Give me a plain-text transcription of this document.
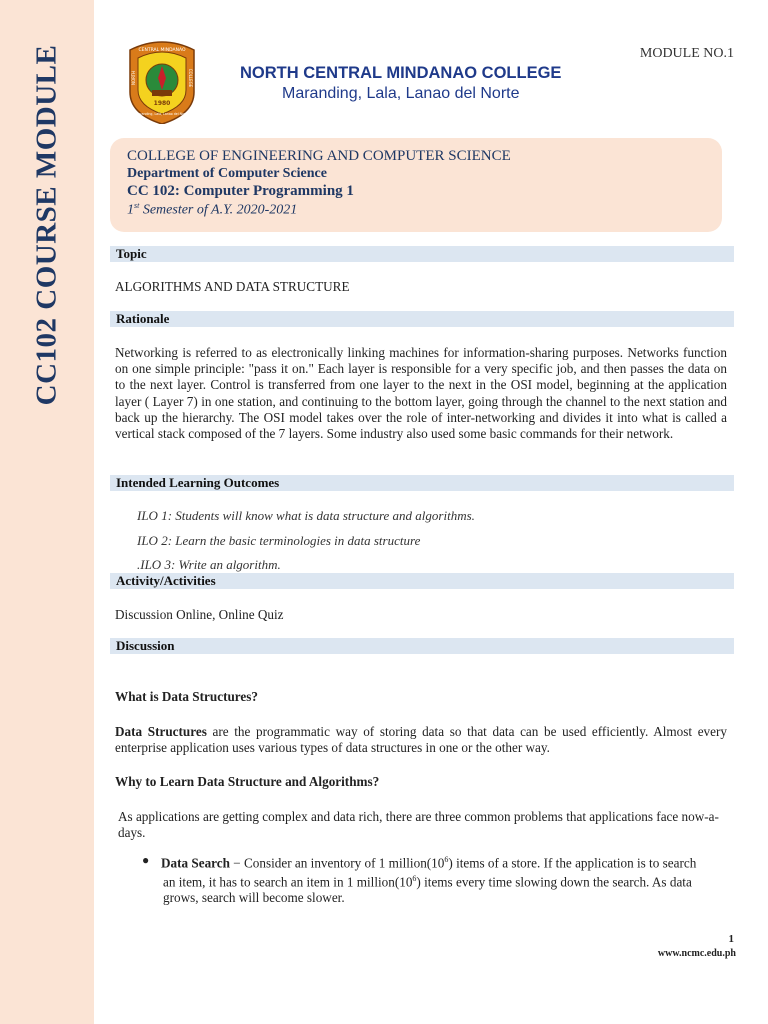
CC102 COURSE MODULE	MODULE NO.1
CENTRAL MINDANAO
NORTH	COLLEGE
1980
Maranding, Lala, Lanao del Norte
NORTH CENTRAL MINDANAO COLLEGE
Maranding, Lala, Lanao del Norte
COLLEGE OF ENGINEERING AND COMPUTER SCIENCE
Department of Computer Science
CC 102: Computer Programming 1
1st Semester of A.Y. 2020-2021
Topic
ALGORITHMS AND DATA STRUCTURE
Rationale
Networking is referred to as electronically linking machines for information-sharing purposes. Networks function on one simple principle: "pass it on." Each layer is responsible for a very specific job, and then passes the data on to the next layer. Control is transferred from one layer to the next in the OSI model, beginning at the application layer ( Layer 7) in one station, and continuing to the bottom layer, going through the channel to the next station and back up the hierarchy. The OSI model takes over the role of inter-networking and divides it into what is called a vertical stack composed of the 7 layers. Some industry also used some basic commands for their network.
Intended Learning Outcomes
ILO 1: Students will know what is data structure and algorithms.
ILO 2: Learn the basic terminologies in data structure
.ILO 3: Write an algorithm.
Activity/Activities
Discussion Online, Online Quiz
Discussion
What is Data Structures?
Data Structures are the programmatic way of storing data so that data can be used efficiently. Almost every enterprise application uses various types of data structures in one or the other way.
Why to Learn Data Structure and Algorithms?
As applications are getting complex and data rich, there are three common problems that applications face now-a-days.
● Data Search − Consider an inventory of 1 $million(10^6)$ items of a store. If the application is to search
an item, it has to search an item in 1 $million(10^6)$ items every time slowing down the search. As data
grows, search will become slower.
1
www.ncmc.edu.ph
